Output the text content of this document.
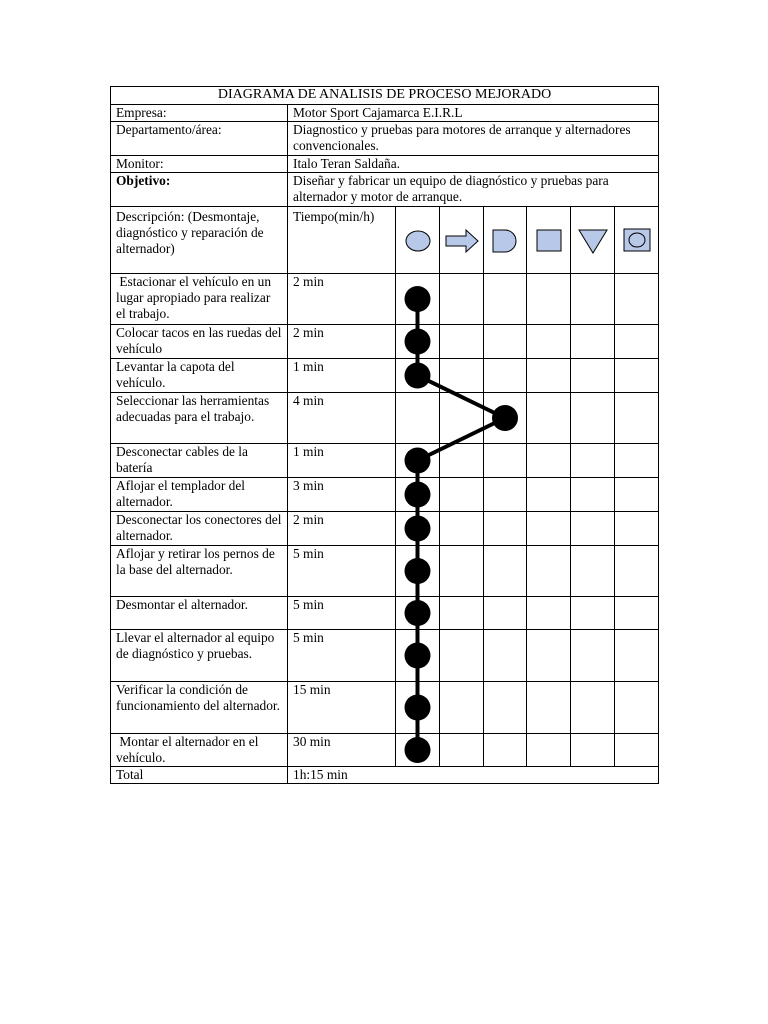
DIAGRAMA DE ANALISIS DE PROCESO MEJORADO							
Empresa:	Motor Sport Cajamarca E.I.R.L						
Departamento/área:	Diagnostico y pruebas para motores de arranque y alternadores convencionales.						
Monitor:	Italo Teran Saldaña.						
Objetivo:	Diseñar y fabricar un equipo de diagnóstico y pruebas para alternador y motor de arranque.						
Descripción: (Desmontaje, diagnóstico y reparación de alternador)	Tiempo(min/h)	

Estacionar el vehículo en un lugar apropiado para realizar el trabajo.	2 min						
Colocar tacos en las ruedas del vehículo	2 min						
Levantar la capota del vehículo.	1 min						
Seleccionar las herramientas adecuadas para el trabajo.	4 min						
Desconectar cables de la batería	1 min						
Aflojar el templador del alternador.	3 min						
Desconectar los conectores del alternador.	2 min						
Aflojar y retirar los pernos de la base del alternador.	5 min						
Desmontar el alternador.	5 min						
Llevar el alternador al equipo de diagnóstico y pruebas.	5 min						
Verificar la condición de funcionamiento del alternador.	15 min						
Montar el alternador en el vehículo.	30 min						
Total	1h:15 min						
